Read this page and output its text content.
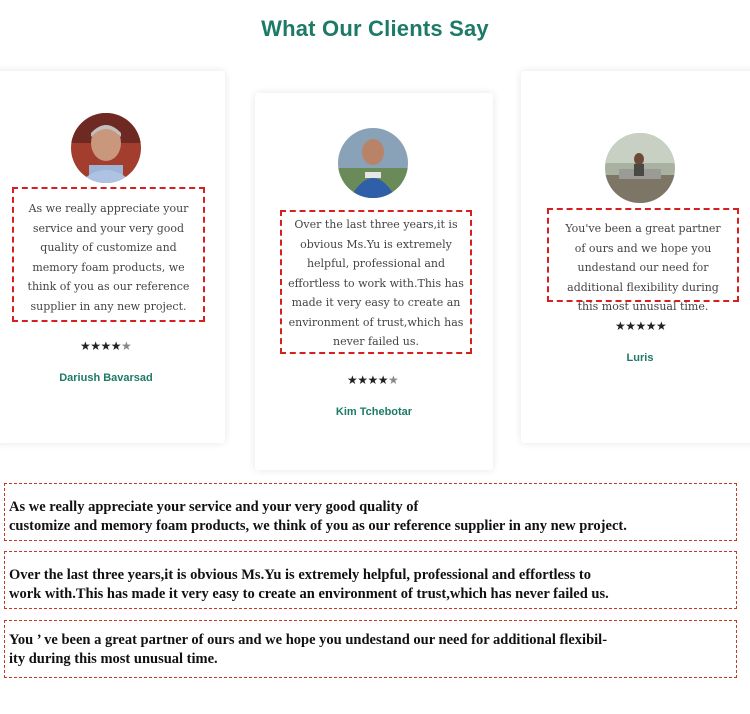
What Our Clients Say

As we really appreciate your service and your very good quality of customize and memory foam products, we think of you as our reference supplier in any new project.

★★★★★
Dariush Bavarsad

Over the last three years,it is obvious Ms.Yu is extremely helpful, professional and effortless to work with.This has made it very easy to create an environment of trust,which has never failed us.

★★★★★
Kim Tchebotar

You've been a great partner of ours and we hope you undestand our need for additional flexibility during this most unusual time.

★★★★★
Luris

As we really appreciate your service and your very good quality of

customize and memory foam products, we think of you as our reference supplier in any new project.

Over the last three years,it is obvious Ms.Yu is extremely helpful, professional and effortless to

work with.This has made it very easy to create an environment of trust,which has never failed us.

You ’ ve been a great partner of ours and we hope you undestand our need for additional flexibil-

ity during this most unusual time.
